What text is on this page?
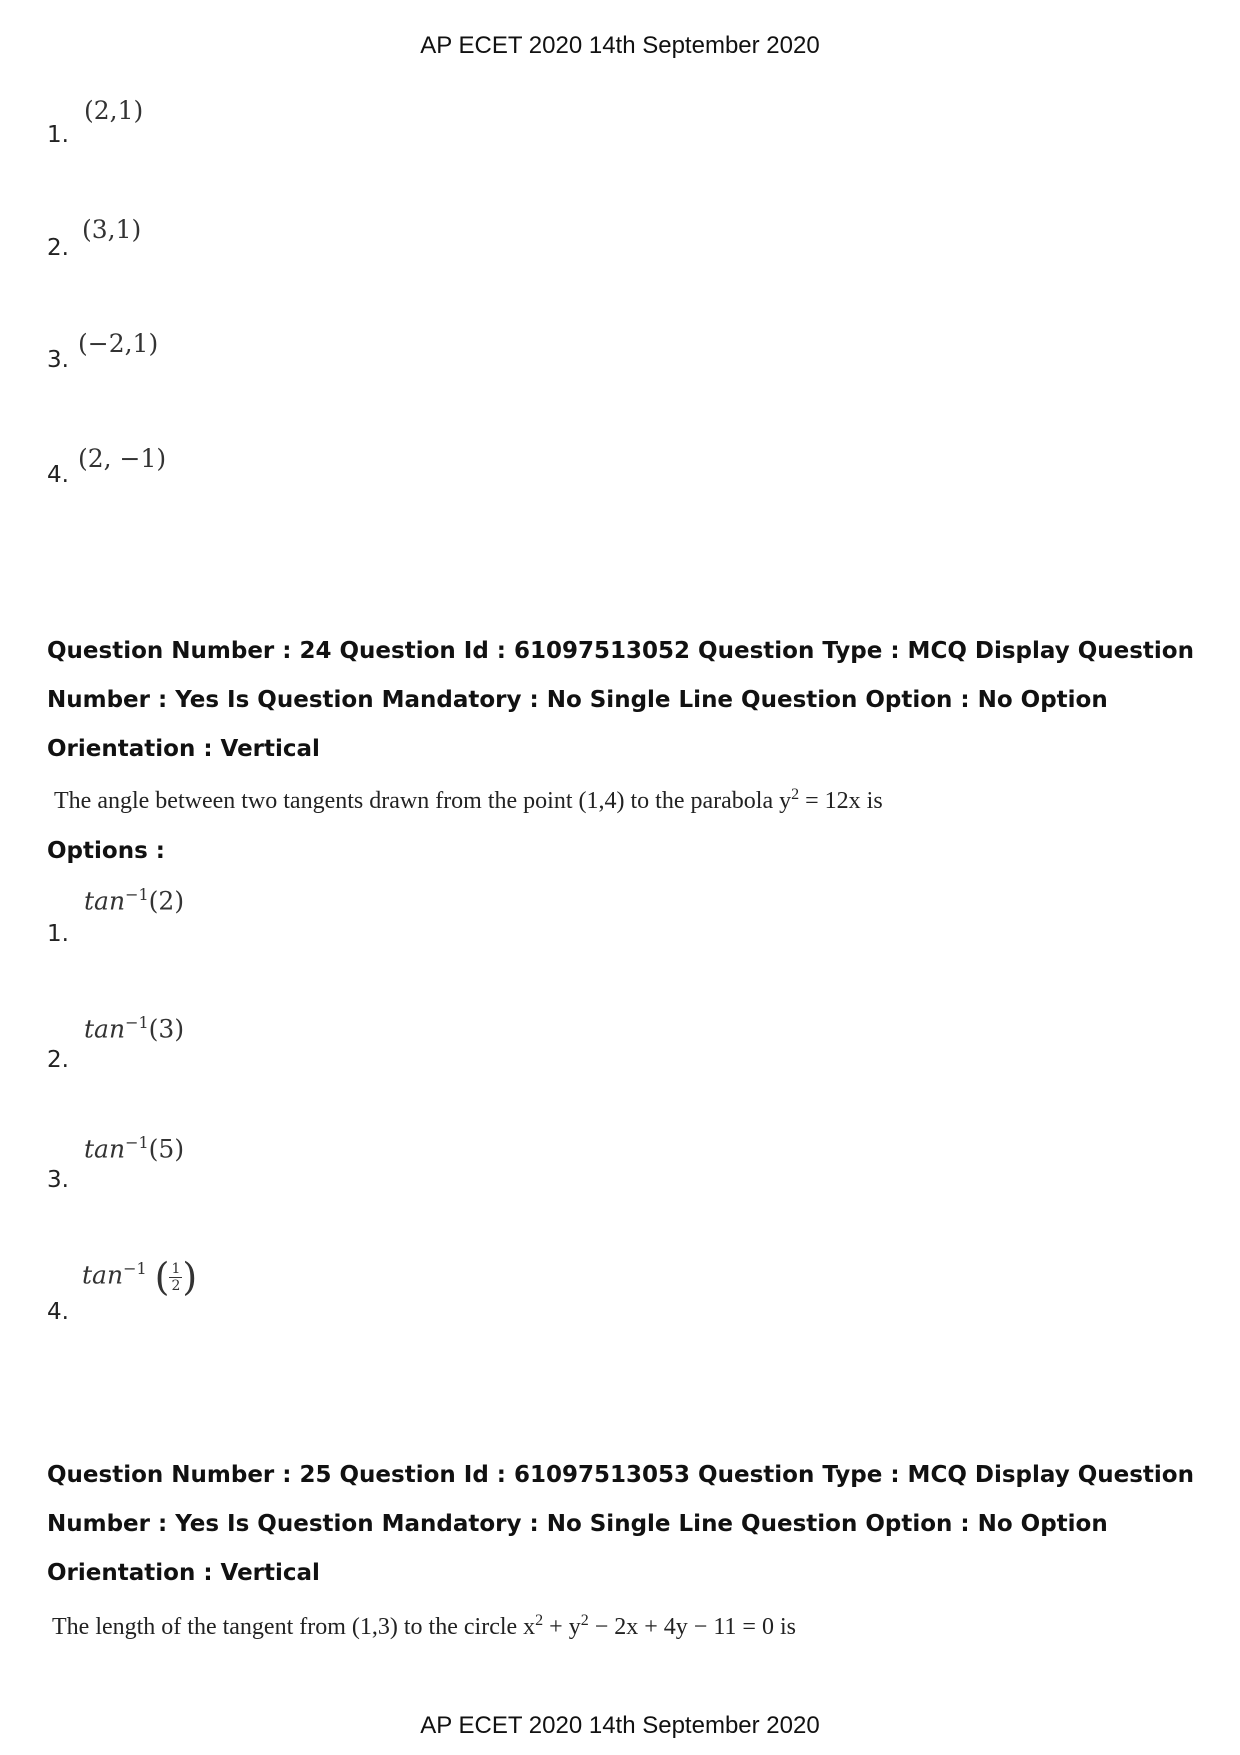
AP ECET 2020 14th September 2020
1.
(2,1)
2.
(3,1)
3.
(−2,1)
4.
(2, −1)
Question Number : 24 Question Id : 61097513052 Question Type : MCQ Display Question Number : Yes Is Question Mandatory : No Single Line Question Option : No Option Orientation : Vertical
The angle between two tangents drawn from the point (1,4) to the parabola $y^2 = 12x$ is
Options :
1.
$\tan^{-1}(2)$
2.
$\tan^{-1}(3)$
3.
$\tan^{-1}(5)$
4.
$\tan^{-1}$ ( $\frac{1}{2}$ )
Question Number : 25 Question Id : 61097513053 Question Type : MCQ Display Question Number : Yes Is Question Mandatory : No Single Line Question Option : No Option Orientation : Vertical
The length of the tangent from (1,3) to the circle $x^2 + y^2 - 2x + 4y - 11 = 0$ is
AP ECET 2020 14th September 2020
